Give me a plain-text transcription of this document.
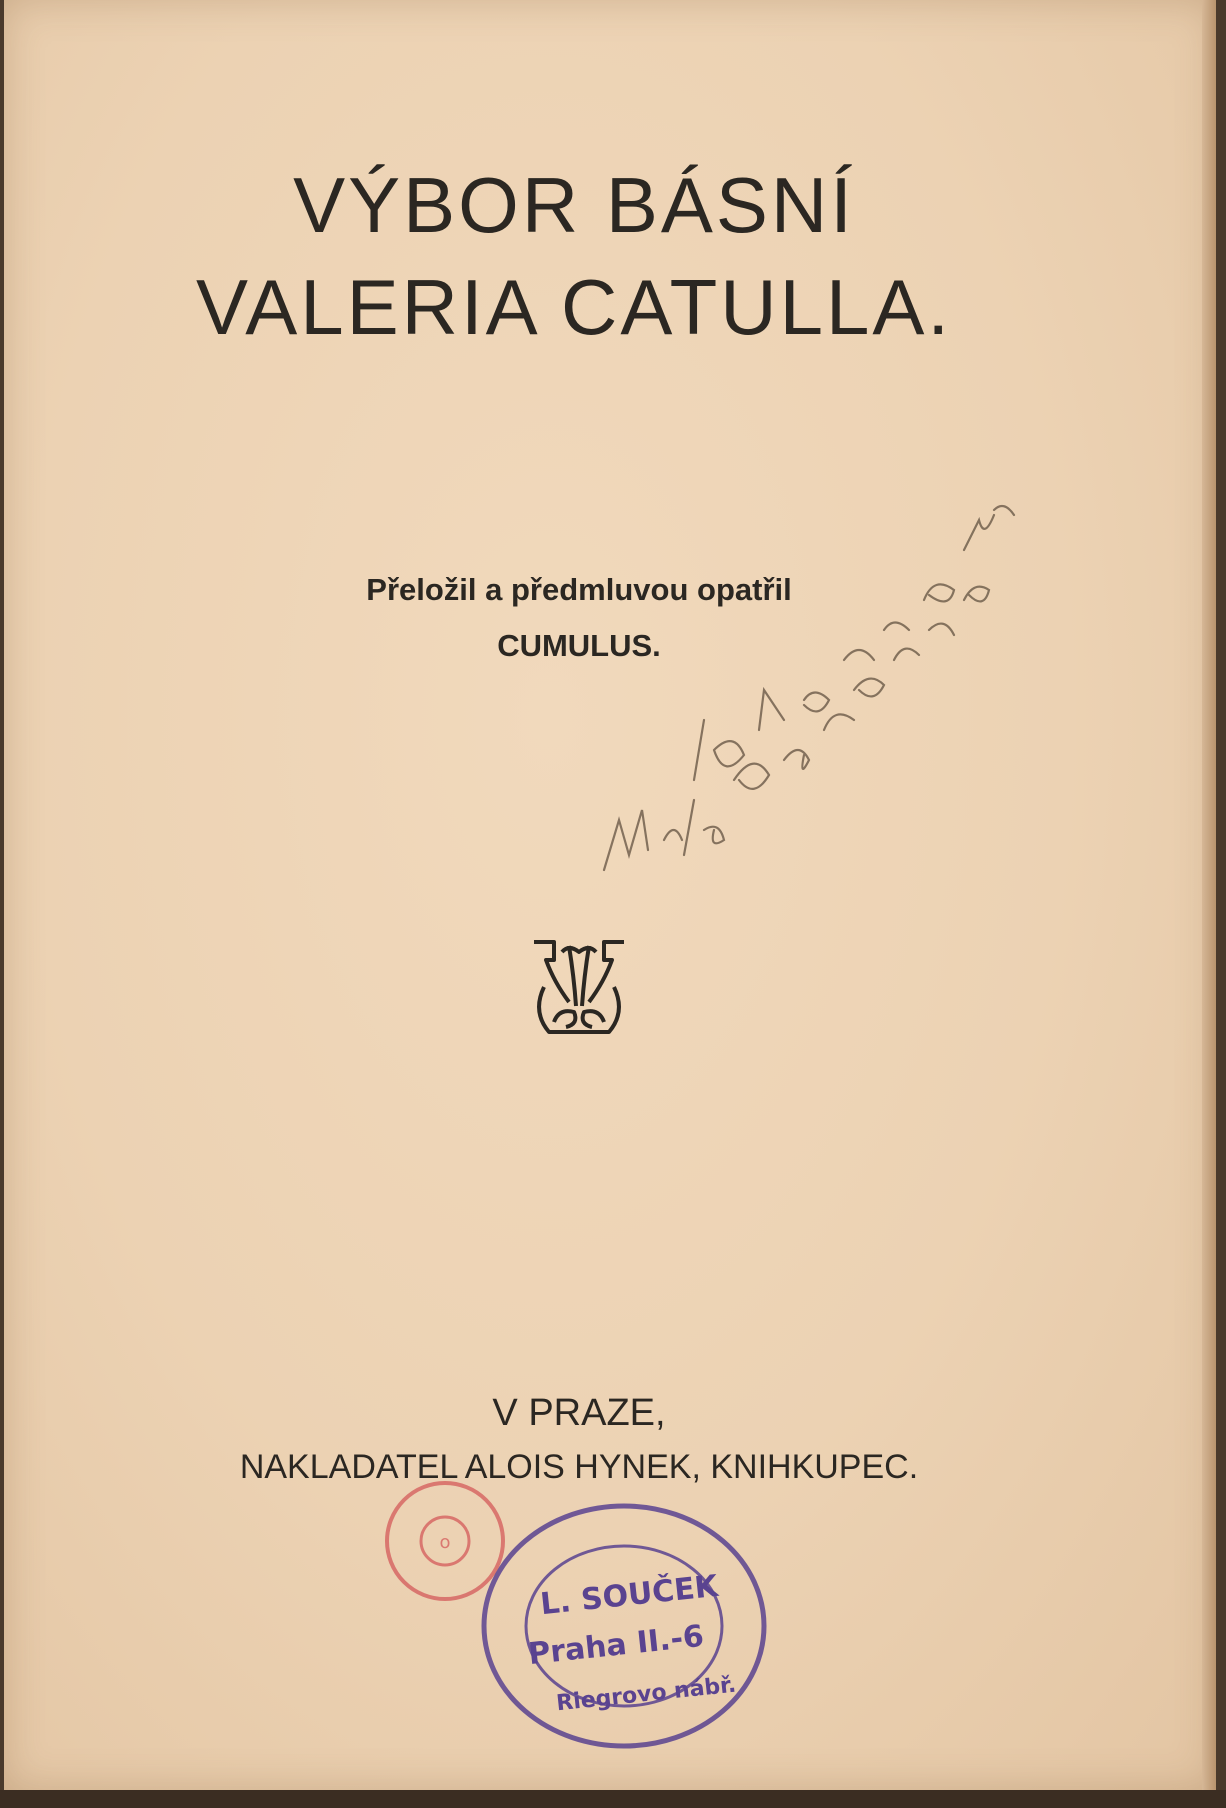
VÝBOR BÁSNÍ
VALERIA CATULLA.
Přeložil a předmluvou opatřil
CUMULUS.
V PRAZE,
NAKLADATEL ALOIS HYNEK, KNIHKUPEC.
o
L. SOUČEK
Praha II.-6
Riegrovo nábř.
